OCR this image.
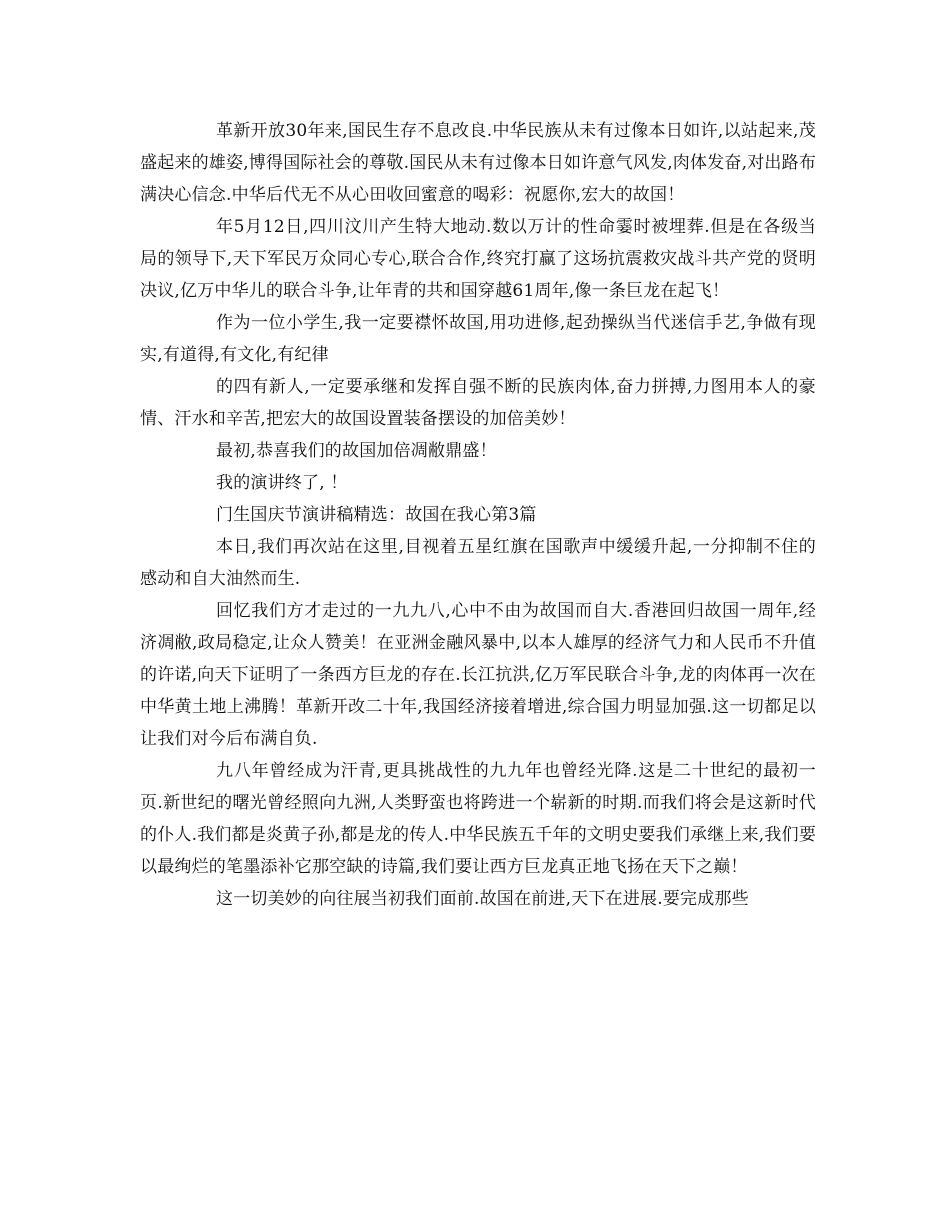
革新开放30年来,国民生存不息改良.中华民族从未有过像本日如许,以站起来,茂盛起来的雄姿,博得国际社会的尊敬.国民从未有过像本日如许意气风发,肉体发奋,对出路布满决心信念.中华后代无不从心田收回蜜意的喝彩：祝愿你,宏大的故国！

年5月12日,四川汶川产生特大地动.数以万计的性命霎时被埋葬.但是在各级当局的领导下,天下军民万众同心专心,联合合作,终究打赢了这场抗震救灾战斗共产党的贤明决议,亿万中华儿的联合斗争,让年青的共和国穿越61周年,像一条巨龙在起飞！

作为一位小学生,我一定要襟怀故国,用功进修,起劲操纵当代迷信手艺,争做有现实,有道得,有文化,有纪律

的四有新人,一定要承继和发挥自强不断的民族肉体,奋力拼搏,力图用本人的豪情、汗水和辛苦,把宏大的故国设置装备摆设的加倍美妙！

最初,恭喜我们的故国加倍凋敝鼎盛！

我的演讲终了, ！

门生国庆节演讲稿精选：故国在我心第3篇

本日,我们再次站在这里,目视着五星红旗在国歌声中缓缓升起,一分抑制不住的感动和自大油然而生.

回忆我们方才走过的一九九八,心中不由为故国而自大.香港回归故国一周年,经济凋敝,政局稳定,让众人赞美！在亚洲金融风暴中,以本人雄厚的经济气力和人民币不升值的许诺,向天下证明了一条西方巨龙的存在.长江抗洪,亿万军民联合斗争,龙的肉体再一次在中华黄土地上沸腾！革新开改二十年,我国经济接着增进,综合国力明显加强.这一切都足以让我们对今后布满自负.

九八年曾经成为汗青,更具挑战性的九九年也曾经光降.这是二十世纪的最初一页.新世纪的曙光曾经照向九洲,人类野蛮也将跨进一个崭新的时期.而我们将会是这新时代的仆人.我们都是炎黄子孙,都是龙的传人.中华民族五千年的文明史要我们承继上来,我们要以最绚烂的笔墨添补它那空缺的诗篇,我们要让西方巨龙真正地飞扬在天下之巅！

这一切美妙的向往展当初我们面前.故国在前进,天下在进展.要完成那些
